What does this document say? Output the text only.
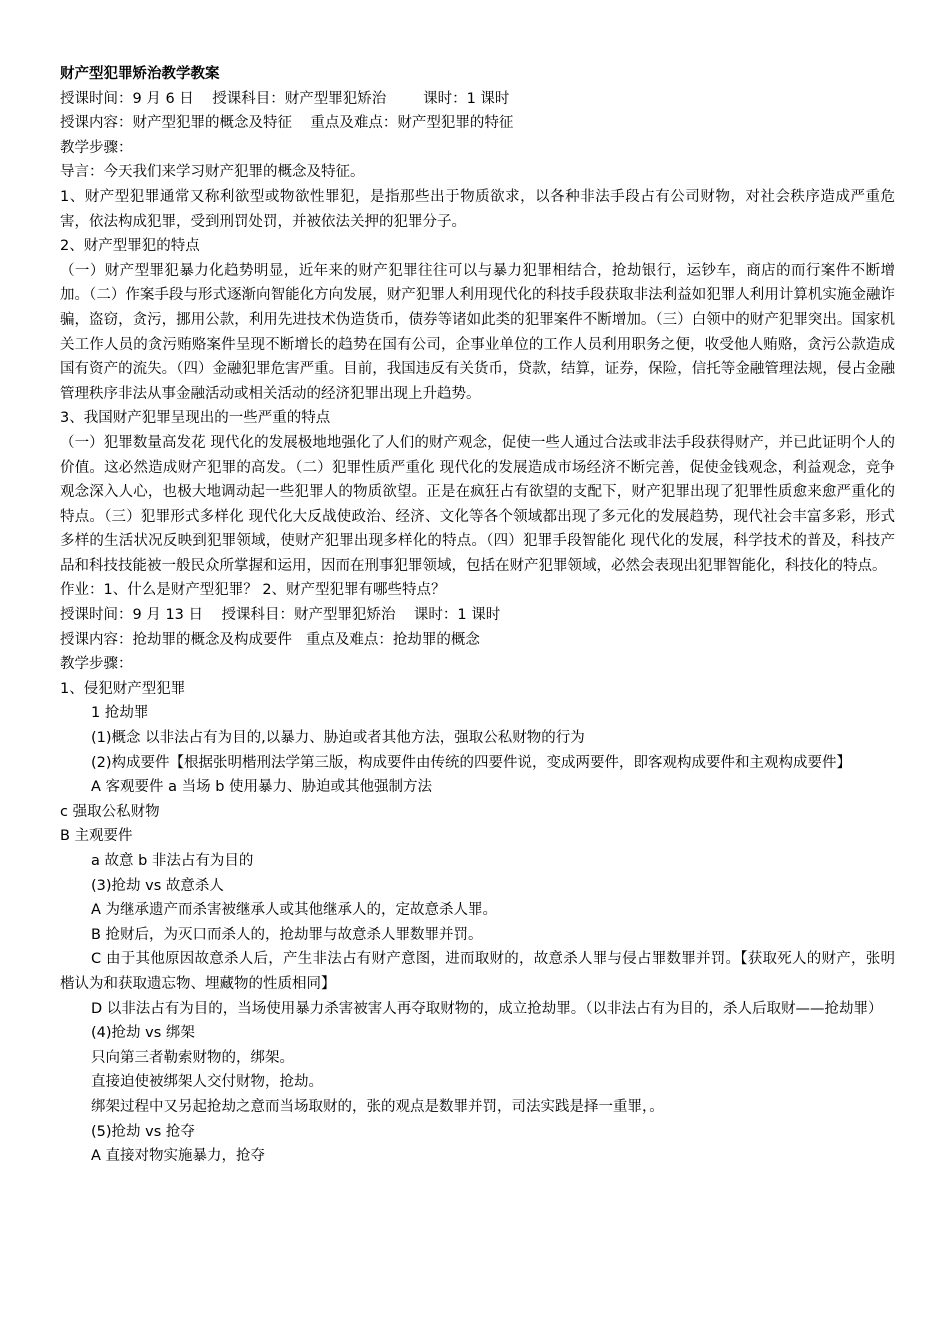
财产型犯罪矫治教学教案

授课时间：9 月 6 日    授课科目：财产型罪犯矫治        课时：1 课时

授课内容：财产型犯罪的概念及特征    重点及难点：财产型犯罪的特征

教学步骤：

导言：今天我们来学习财产犯罪的概念及特征。

1、财产型犯罪通常又称利欲型或物欲性罪犯，是指那些出于物质欲求，以各种非法手段占有公司财物，对社会秩序造成严重危害，依法构成犯罪，受到刑罚处罚，并被依法关押的犯罪分子。

2、财产型罪犯的特点

（一）财产型罪犯暴力化趋势明显，近年来的财产犯罪往往可以与暴力犯罪相结合，抢劫银行，运钞车，商店的而行案件不断增加。（二）作案手段与形式逐渐向智能化方向发展，财产犯罪人利用现代化的科技手段获取非法利益如犯罪人利用计算机实施金融诈骗，盗窃，贪污，挪用公款，利用先进技术伪造货币，债券等诸如此类的犯罪案件不断增加。（三）白领中的财产犯罪突出。国家机关工作人员的贪污贿赂案件呈现不断增长的趋势在国有公司，企事业单位的工作人员利用职务之便，收受他人贿赂，贪污公款造成国有资产的流失。（四）金融犯罪危害严重。目前，我国违反有关货币，贷款，结算，证券，保险，信托等金融管理法规，侵占金融管理秩序非法从事金融活动或相关活动的经济犯罪出现上升趋势。

3、我国财产犯罪呈现出的一些严重的特点

（一）犯罪数量高发花 现代化的发展极地地强化了人们的财产观念，促使一些人通过合法或非法手段获得财产，并已此证明个人的价值。这必然造成财产犯罪的高发。（二）犯罪性质严重化 现代化的发展造成市场经济不断完善，促使金钱观念，利益观念，竞争观念深入人心，也极大地调动起一些犯罪人的物质欲望。正是在疯狂占有欲望的支配下，财产犯罪出现了犯罪性质愈来愈严重化的特点。（三）犯罪形式多样化 现代化大反战使政治、经济、文化等各个领域都出现了多元化的发展趋势，现代社会丰富多彩，形式多样的生活状况反映到犯罪领域，使财产犯罪出现多样化的特点。（四）犯罪手段智能化 现代化的发展，科学技术的普及，科技产品和科技技能被一般民众所掌握和运用，因而在刑事犯罪领域，包括在财产犯罪领域，必然会表现出犯罪智能化，科技化的特点。

作业：1、什么是财产型犯罪？ 2、财产型犯罪有哪些特点？

授课时间：9 月 13 日    授课科目：财产型罪犯矫治    课时：1 课时

授课内容：抢劫罪的概念及构成要件   重点及难点：抢劫罪的概念

教学步骤：

1、侵犯财产型犯罪

1 抢劫罪

(1)概念 以非法占有为目的,以暴力、胁迫或者其他方法，强取公私财物的行为

(2)构成要件【根据张明楷刑法学第三版，构成要件由传统的四要件说，变成两要件，即客观构成要件和主观构成要件】

A 客观要件 a 当场 b 使用暴力、胁迫或其他强制方法

c 强取公私财物

B 主观要件

a 故意 b 非法占有为目的

(3)抢劫 vs 故意杀人

A 为继承遗产而杀害被继承人或其他继承人的，定故意杀人罪。

B 抢财后，为灭口而杀人的，抢劫罪与故意杀人罪数罪并罚。

C 由于其他原因故意杀人后，产生非法占有财产意图，进而取财的，故意杀人罪与侵占罪数罪并罚。【获取死人的财产，张明楷认为和获取遗忘物、埋藏物的性质相同】

D 以非法占有为目的，当场使用暴力杀害被害人再夺取财物的，成立抢劫罪。（以非法占有为目的，杀人后取财——抢劫罪）

(4)抢劫 vs 绑架

只向第三者勒索财物的，绑架。

直接迫使被绑架人交付财物，抢劫。

绑架过程中又另起抢劫之意而当场取财的，张的观点是数罪并罚，司法实践是择一重罪，。

(5)抢劫 vs 抢夺

A 直接对物实施暴力，抢夺
